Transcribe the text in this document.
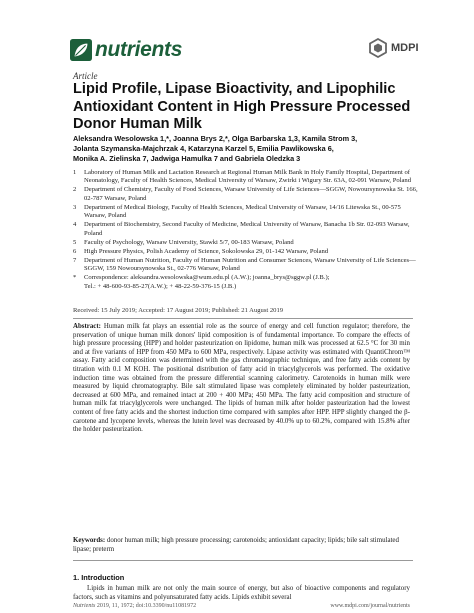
nutrients	MDPI
Article
Lipid Profile, Lipase Bioactivity, and Lipophilic Antioxidant Content in High Pressure Processed Donor Human Milk
Aleksandra Wesolowska 1,*, Joanna Brys 2,*, Olga Barbarska 1,3, Kamila Strom 3,
Jolanta Szymanska-Majchrzak 4, Katarzyna Karzel 5, Emilia Pawlikowska 6,
Monika A. Zielinska 7, Jadwiga Hamulka 7 and Gabriela Oledzka 3
1	Laboratory of Human Milk and Lactation Research at Regional Human Milk Bank in Holy Family Hospital, Department of Neonatology, Faculty of Health Sciences, Medical University of Warsaw, Zwirki i Wigury Str. 63A, 02-091 Warsaw, Poland
2	Department of Chemistry, Faculty of Food Sciences, Warsaw University of Life Sciences—SGGW, Nowoursynowska St. 166, 02-787 Warsaw, Poland
3	Department of Medical Biology, Faculty of Health Sciences, Medical University of Warsaw, 14/16 Litewska St., 00-575 Warsaw, Poland
4	Department of Biochemistry, Second Faculty of Medicine, Medical University of Warsaw, Banacha 1b Str. 02-093 Warsaw, Poland
5	Faculty of Psychology, Warsaw University, Stawki 5/7, 00-183 Warsaw, Poland
6	High Pressure Physics, Polish Academy of Science, Sokolowska 29, 01-142 Warsaw, Poland
7	Department of Human Nutrition, Faculty of Human Nutrition and Consumer Sciences, Warsaw University of Life Sciences—SGGW, 159 Nowoursynowska St., 02-776 Warsaw, Poland
*	Correspondence: aleksandra.wesolowska@wum.edu.pl (A.W.); joanna_brys@sggw.pl (J.B.);
Tel.: + 48-600-93-85-27(A.W.); + 48-22-59-376-15 (J.B.)
Received: 15 July 2019; Accepted: 17 August 2019; Published: 21 August 2019

Abstract: Human milk fat plays an essential role as the source of energy and cell function regulator; therefore, the preservation of unique human milk donors' lipid composition is of fundamental importance. To compare the effects of high pressure processing (HPP) and holder pasteurization on lipidome, human milk was processed at 62.5 °C for 30 min and at five variants of HPP from 450 MPa to 600 MPa, respectively. Lipase activity was estimated with QuantiChrom™ assay. Fatty acid composition was determined with the gas chromatographic technique, and free fatty acids content by titration with 0.1 M KOH. The positional distribution of fatty acid in triacylglycerols was performed. The oxidative induction time was obtained from the pressure differential scanning calorimetry. Carotenoids in human milk were measured by liquid chromatography. Bile salt stimulated lipase was completely eliminated by holder pasteurization, decreased at 600 MPa, and remained intact at 200 + 400 MPa; 450 MPa. The fatty acid composition and structure of human milk fat triacylglycerols were unchanged. The lipids of human milk after holder pasteurization had the lowest content of free fatty acids and the shortest induction time compared with samples after HPP. HPP slightly changed the β-carotene and lycopene levels, whereas the lutein level was decreased by 40.0% up to 60.2%, compared with 15.8% after the holder pasteurization.

Keywords: donor human milk; high pressure processing; carotenoids; antioxidant capacity; lipids; bile salt stimulated lipase; preterm

1. Introduction

Lipids in human milk are not only the main source of energy, but also of bioactive components and regulatory factors, such as vitamins and polyunsaturated fatty acids. Lipids exhibit several

Nutrients 2019, 11, 1972; doi:10.3390/nu11081972	www.mdpi.com/journal/nutrients
